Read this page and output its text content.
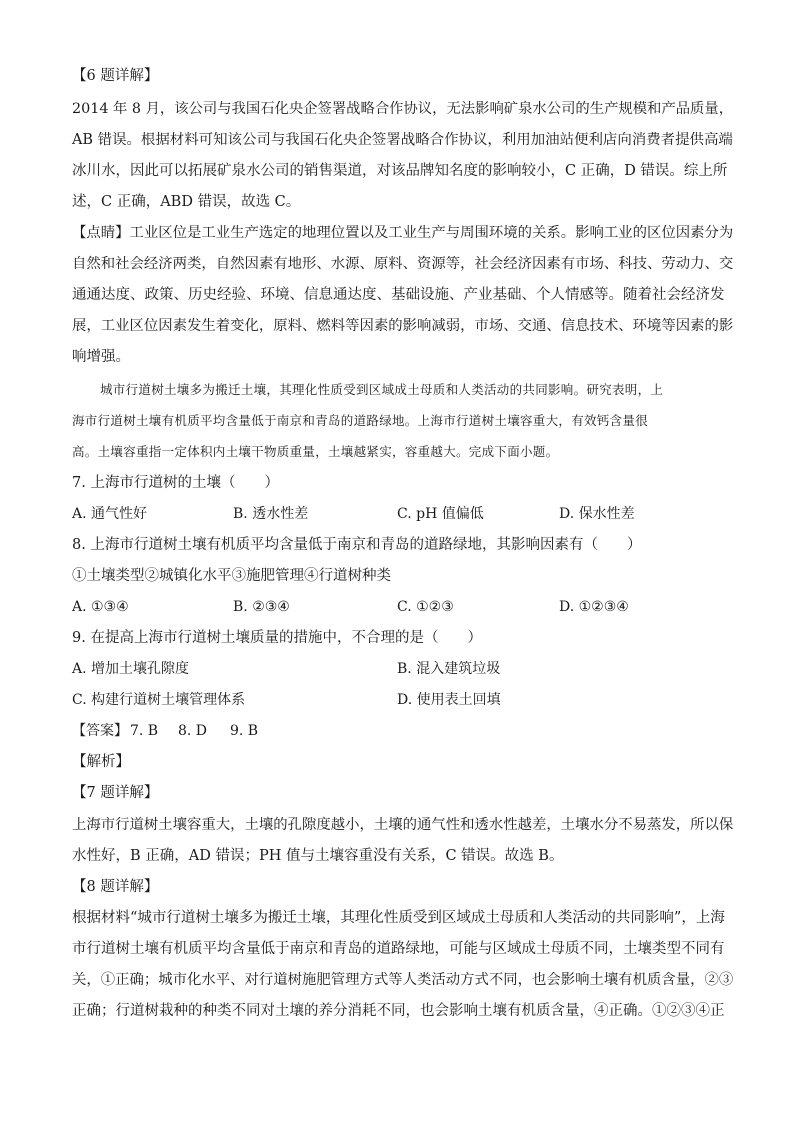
【6 题详解】
2014 年 8 月，该公司与我国石化央企签署战略合作协议，无法影响矿泉水公司的生产规模和产品质量，
AB 错误。根据材料可知该公司与我国石化央企签署战略合作协议，利用加油站便利店向消费者提供高端
冰川水，因此可以拓展矿泉水公司的销售渠道，对该品牌知名度的影响较小，C 正确，D 错误。综上所
述，C 正确，ABD 错误，故选 C。
【点睛】工业区位是工业生产选定的地理位置以及工业生产与周围环境的关系。影响工业的区位因素分为
自然和社会经济两类，自然因素有地形、水源、原料、资源等，社会经济因素有市场、科技、劳动力、交
通通达度、政策、历史经验、环境、信息通达度、基础设施、产业基础、个人情感等。随着社会经济发
展，工业区位因素发生着变化，原料、燃料等因素的影响减弱，市场、交通、信息技术、环境等因素的影
响增强。
城市行道树土壤多为搬迁土壤，其理化性质受到区域成土母质和人类活动的共同影响。研究表明，上
海市行道树土壤有机质平均含量低于南京和青岛的道路绿地。上海市行道树土壤容重大，有效钙含量很
高。土壤容重指一定体积内土壤干物质重量，土壤越紧实，容重越大。完成下面小题。
7. 上海市行道树的土壤（　　）
A. 通气性好	B. 透水性差	C. pH 值偏低	D. 保水性差
8. 上海市行道树土壤有机质平均含量低于南京和青岛的道路绿地，其影响因素有（　　）
①土壤类型②城镇化水平③施肥管理④行道树种类
A. ①③④	B. ②③④	C. ①②③	D. ①②③④
9. 在提高上海市行道树土壤质量的措施中，不合理的是（　　）
A. 增加土壤孔隙度	B. 混入建筑垃圾
C. 构建行道树土壤管理体系	D. 使用表土回填
【答案】 7. B 8. D 9. B
【解析】
【7 题详解】
上海市行道树土壤容重大，土壤的孔隙度越小，土壤的通气性和透水性越差，土壤水分不易蒸发，所以保
水性好，B 正确，AD 错误；PH 值与土壤容重没有关系，C 错误。故选 B。
【8 题详解】
根据材料“城市行道树土壤多为搬迁土壤，其理化性质受到区域成土母质和人类活动的共同影响”，上海
市行道树土壤有机质平均含量低于南京和青岛的道路绿地，可能与区域成土母质不同，土壤类型不同有
关，①正确；城市化水平、对行道树施肥管理方式等人类活动方式不同，也会影响土壤有机质含量，②③
正确；行道树栽种的种类不同对土壤的养分消耗不同，也会影响土壤有机质含量，④正确。①②③④正
